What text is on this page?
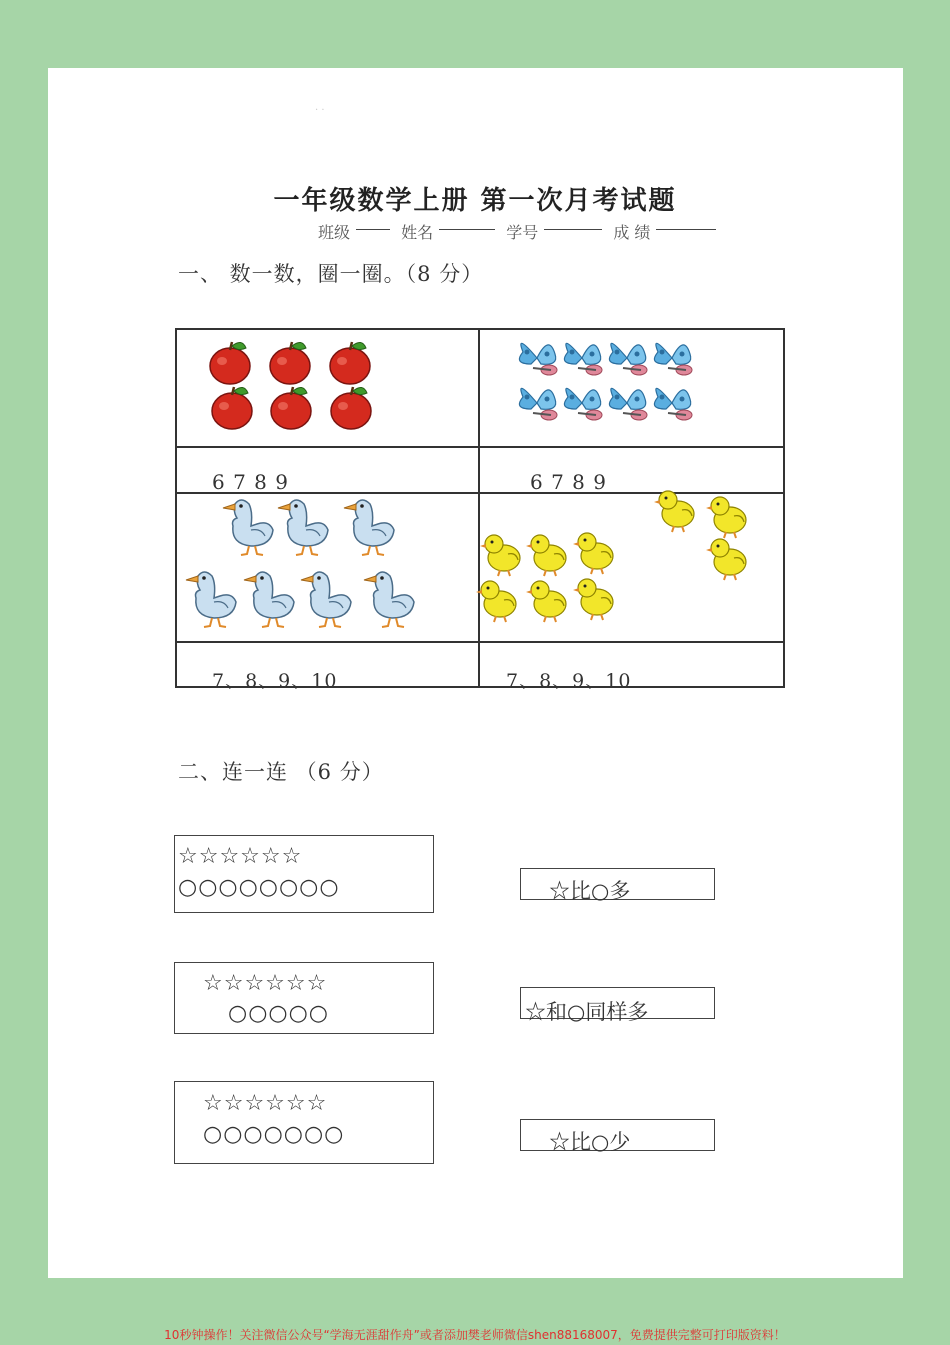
· ·
一年级数学上册 第一次月考试题
班级	姓名	学号	成 绩
一、 数一数，圈一圈。（8 分）
6 7 8 9	6 7 8 9
7、8、9、10	7、8、9、10
二、连一连 （6 分）
☆☆☆☆☆☆
○○○○○○○○
☆☆☆☆☆☆
○○○○○
☆☆☆☆☆☆
○○○○○○○
☆比○多
☆和○同样多
☆比○少
10秒钟操作！关注微信公众号“学海无涯甜作舟”或者添加樊老师微信shen88168007，免费提供完整可打印版资料！
